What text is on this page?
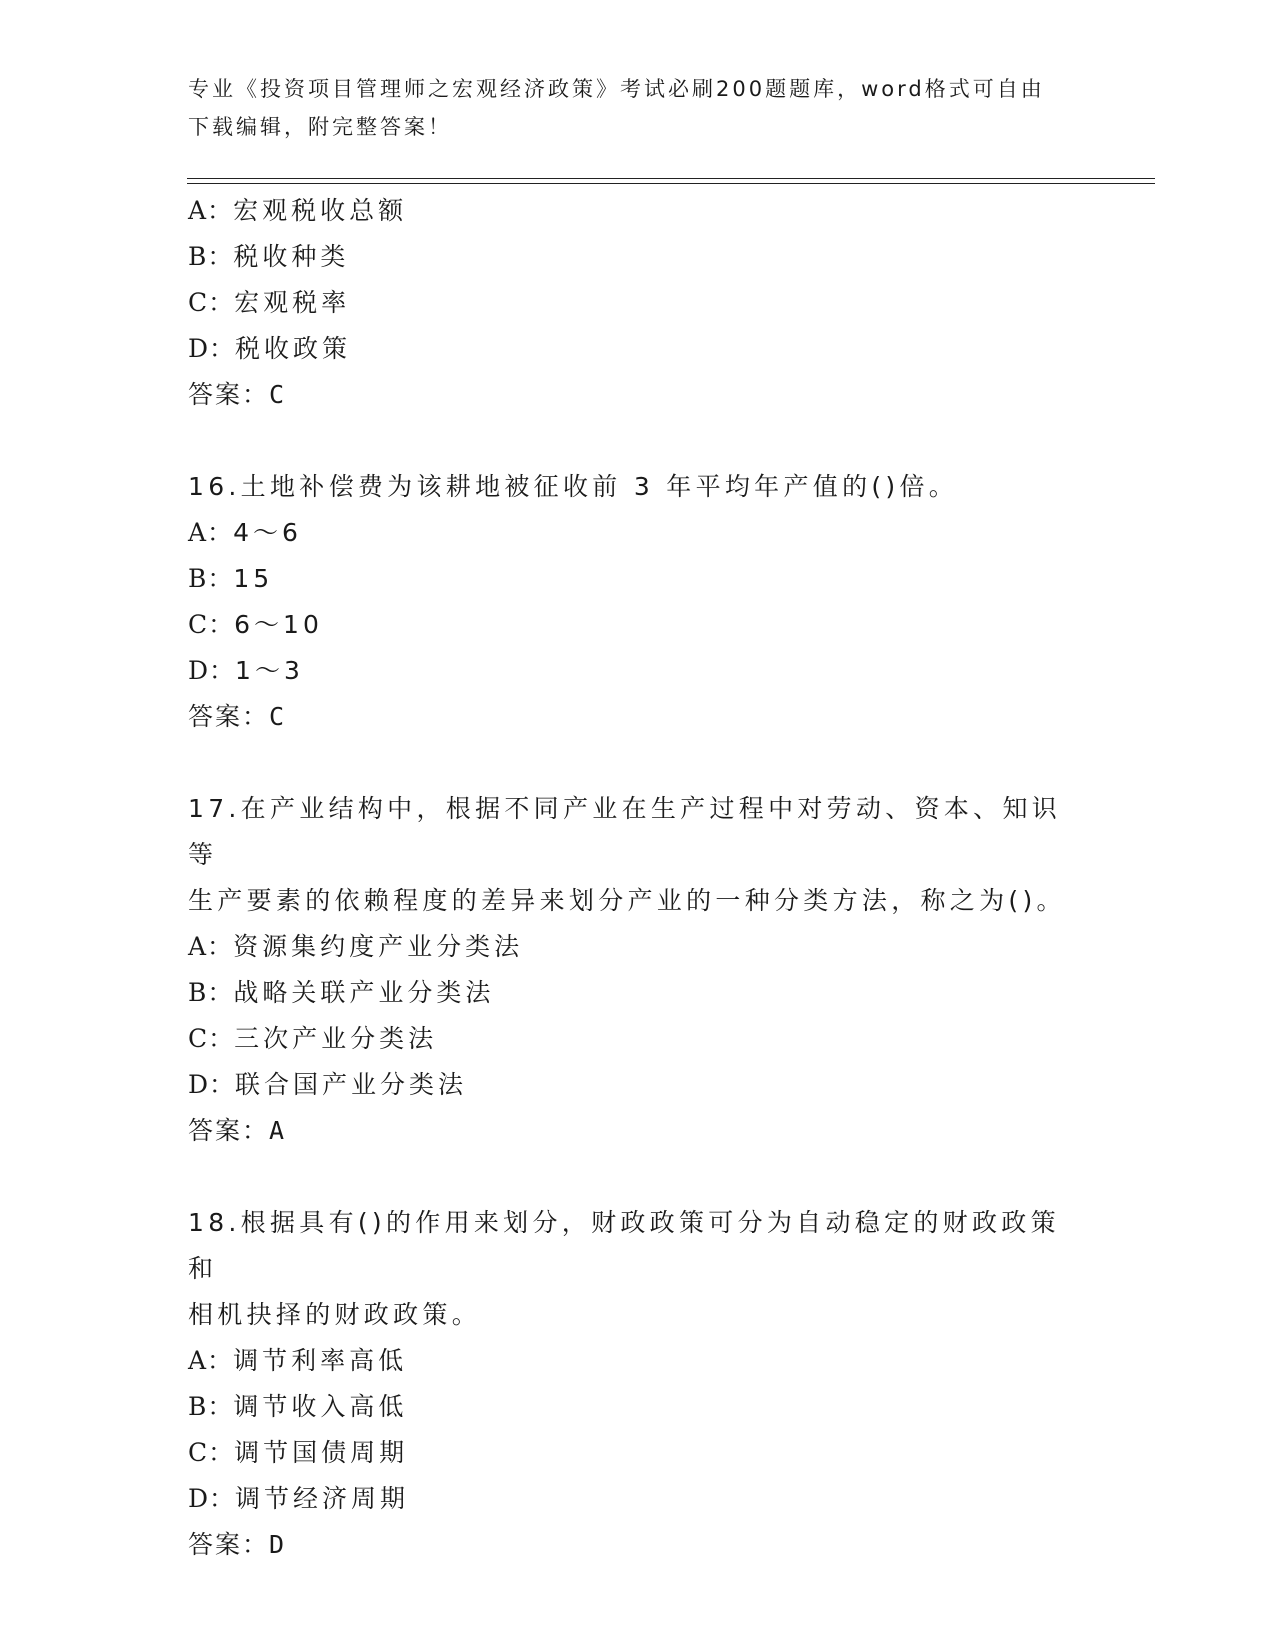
专业《投资项目管理师之宏观经济政策》考试必刷200题题库，word格式可自由
下载编辑，附完整答案！
A：宏观税收总额
B：税收种类
C：宏观税率
D：税收政策
答案：C
16.土地补偿费为该耕地被征收前 3 年平均年产值的()倍。
A：4～6
B：15
C：6～10
D：1～3
答案：C
17.在产业结构中，根据不同产业在生产过程中对劳动、资本、知识等
生产要素的依赖程度的差异来划分产业的一种分类方法，称之为()。
A：资源集约度产业分类法
B：战略关联产业分类法
C：三次产业分类法
D：联合国产业分类法
答案：A
18.根据具有()的作用来划分，财政政策可分为自动稳定的财政政策和
相机抉择的财政政策。
A：调节利率高低
B：调节收入高低
C：调节国债周期
D：调节经济周期
答案：D
